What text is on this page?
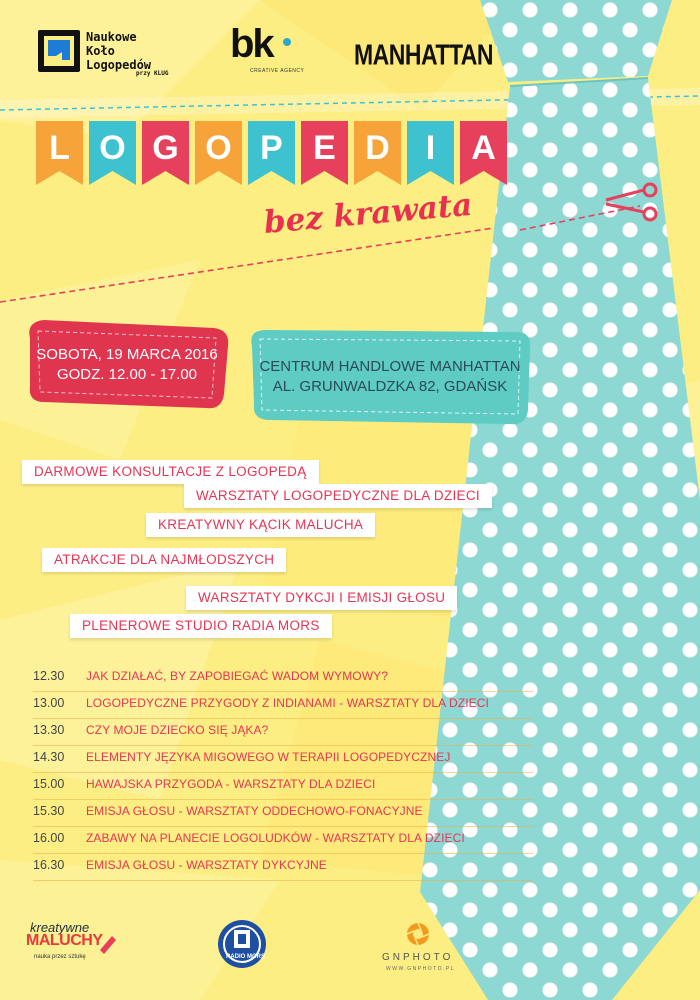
Naukowe
Koło
Logopedów
przy KLUG
bk
CREATIVE AGENCY
MANHATTAN
L O G O P E D	I	A
bez krawata
SOBOTA, 19 MARCA 2016
GODZ. 12.00 - 17.00	CENTRUM HANDLOWE MANHATTAN
AL. GRUNWALDZKA 82, GDAŃSK
DARMOWE KONSULTACJE Z LOGOPEDĄ
WARSZTATY LOGOPEDYCZNE DLA DZIECI
KREATYWNY KĄCIK MALUCHA
ATRAKCJE DLA NAJMŁODSZYCH
WARSZTATY DYKCJI I EMISJI GŁOSU
PLENEROWE STUDIO RADIA MORS
12.30	JAK DZIAŁAĆ, BY ZAPOBIEGAĆ WADOM WYMOWY?
13.00	LOGOPEDYCZNE PRZYGODY Z INDIANAMI - WARSZTATY DLA DZIECI
13.30	CZY MOJE DZIECKO SIĘ JĄKA?
14.30	ELEMENTY JĘZYKA MIGOWEGO W TERAPII LOGOPEDYCZNEJ
15.00	HAWAJSKA PRZYGODA - WARSZTATY DLA DZIECI
15.30	EMISJA GŁOSU - WARSZTATY ODDECHOWO-FONACYJNE
16.00	ZABAWY NA PLANECIE LOGOLUDKÓW - WARSZTATY DLA DZIECI
16.30	EMISJA GŁOSU - WARSZTATY DYKCYJNE
kreatywne
MALUCHY
nauka przez sztukę	RADIO MORS	GNPHOTO
WWW.GNPHOTO.PL
